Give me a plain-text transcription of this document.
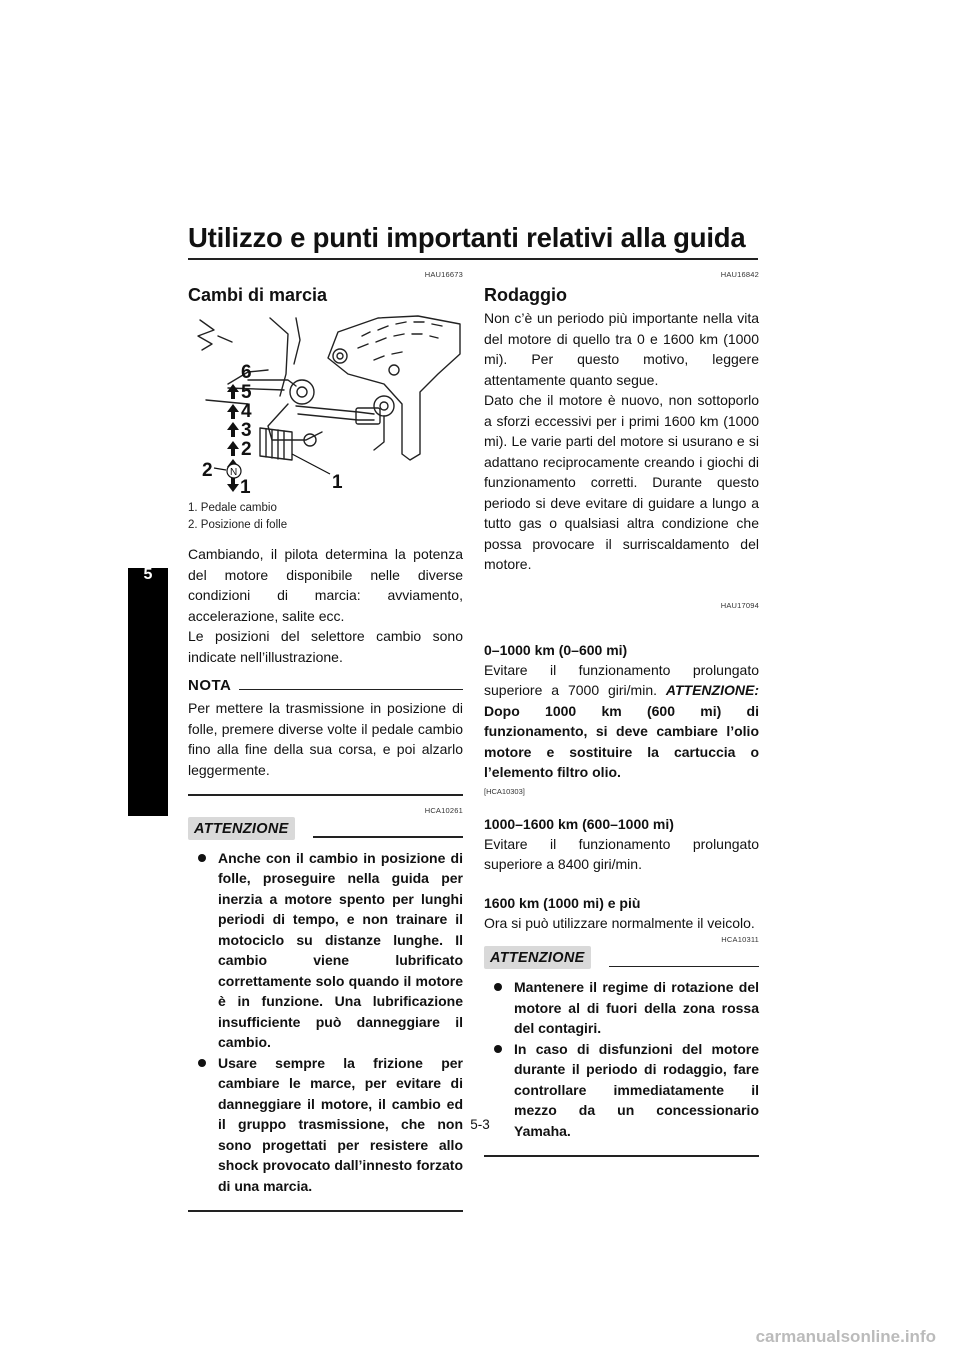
Utilizzo e punti importanti relativi alla guida
5
HAU16673
Cambi di marcia
6
5
4
3
2
1
2
1
N
1. Pedale cambio
2. Posizione di folle

Cambiando, il pilota determina la potenza del motore disponibile nelle diverse condizioni di marcia: avviamento, accelerazione, salite ecc.

Le posizioni del selettore cambio sono indicate nell’illustrazione.

NOTA

Per mettere la trasmissione in posizione di folle, premere diverse volte il pedale cambio fino alla fine della sua corsa, e poi alzarlo leggermente.

HCA10261
ATTENZIONE
Anche con il cambio in posizione di folle, proseguire nella guida per inerzia a motore spento per lunghi periodi di tempo, e non trainare il motociclo su distanze lunghe. Il cambio viene lubrificato correttamente solo quando il motore è in funzione. Una lubrificazione insufficiente può danneggiare il cambio.
Usare sempre la frizione per cambiare le marce, per evitare di danneggiare il motore, il cambio ed il gruppo trasmissione, che non sono progettati per resistere allo shock provocato dall’innesto forzato di una marcia.
HAU16842
Rodaggio

Non c’è un periodo più importante nella vita del motore di quello tra 0 e 1600 km (1000 mi). Per questo motivo, leggere attentamente quanto segue.

Dato che il motore è nuovo, non sottoporlo a sforzi eccessivi per i primi 1600 km (1000 mi). Le varie parti del motore si usurano e si adattano reciprocamente creando i giochi di funzionamento corretti. Durante questo periodo si deve evitare di guidare a lungo a tutto gas o qualsiasi altra condizione che possa provocare il surriscaldamento del motore.

HAU17094
0–1000 km (0–600 mi)

Evitare il funzionamento prolungato superiore a 7000 giri/min. ATTENZIONE: Dopo 1000 km (600 mi) di funzionamento, si deve cambiare l’olio motore e sostituire la cartuccia o l’elemento filtro olio.

[HCA10303]
1000–1600 km (600–1000 mi)

Evitare il funzionamento prolungato superiore a 8400 giri/min.

1600 km (1000 mi) e più

Ora si può utilizzare normalmente il veicolo.

HCA10311
ATTENZIONE
Mantenere il regime di rotazione del motore al di fuori della zona rossa del contagiri.
In caso di disfunzioni del motore durante il periodo di rodaggio, fare controllare immediatamente il mezzo da un concessionario Yamaha.
5-3
carmanualsonline.info
